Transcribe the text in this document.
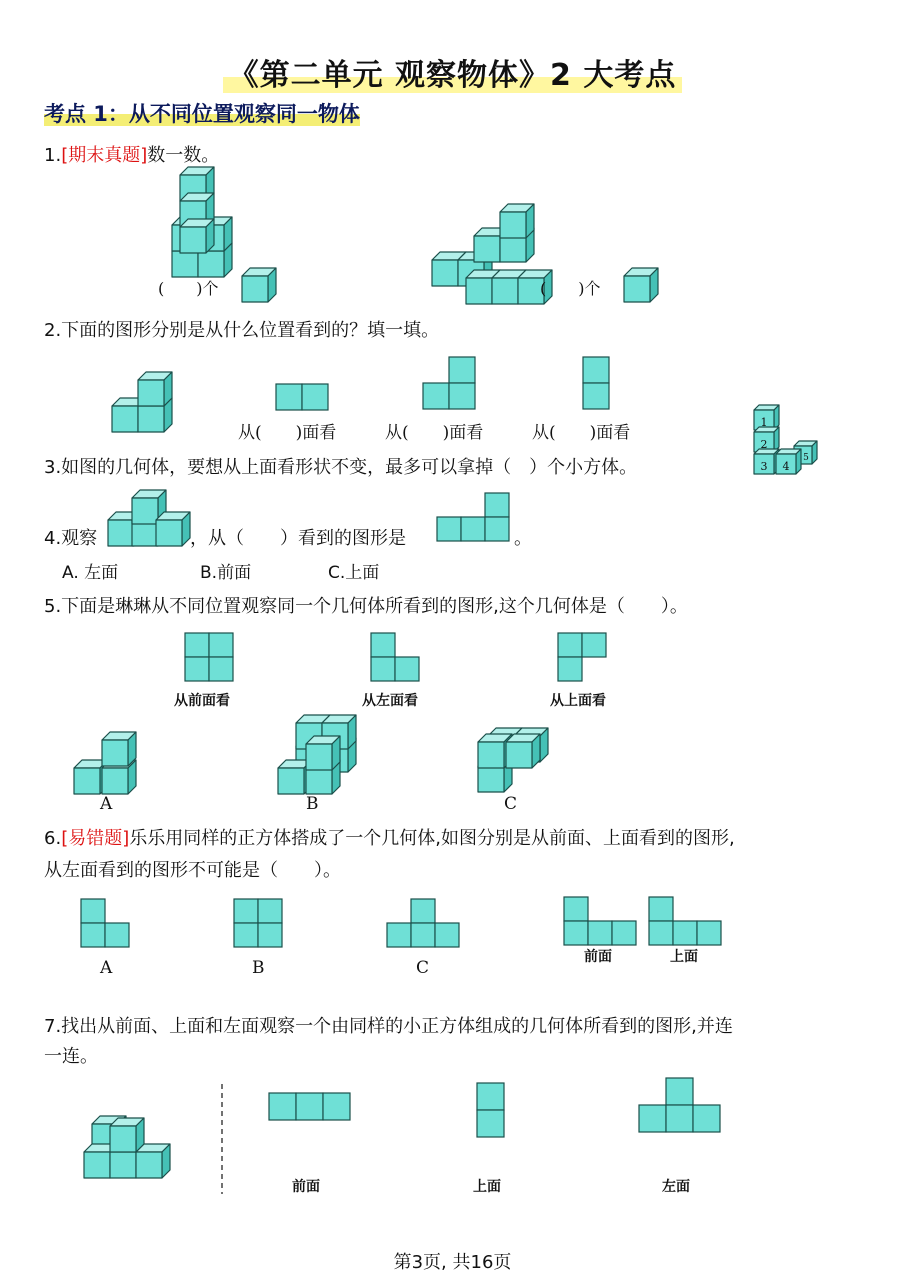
《第二单元 观察物体》2 大考点
考点 1：从不同位置观察同一物体
1.[期末真题]数一数。
(　　)个	(　　)个
2.下面的图形分别是从什么位置看到的？填一填。
从(　　)面看	从(　　)面看	从(　　)面看
3.如图的几何体，要想从上面看形状不变，最多可以拿掉（　）个小方体。
1
2
3 4
5
4.观察	，从（　　）看到的图形是	。
A. 左面	B.前面	C.上面
5.下面是琳琳从不同位置观察同一个几何体所看到的图形,这个几何体是（　　）。
从前面看	从左面看	从上面看
A	B	C
6.[易错题]乐乐用同样的正方体搭成了一个几何体,如图分别是从前面、上面看到的图形,
从左面看到的图形不可能是（　　）。
A	B	C
前面	上面
7.找出从前面、上面和左面观察一个由同样的小正方体组成的几何体所看到的图形,并连
一连。
前面	上面	左面
第3页, 共16页
